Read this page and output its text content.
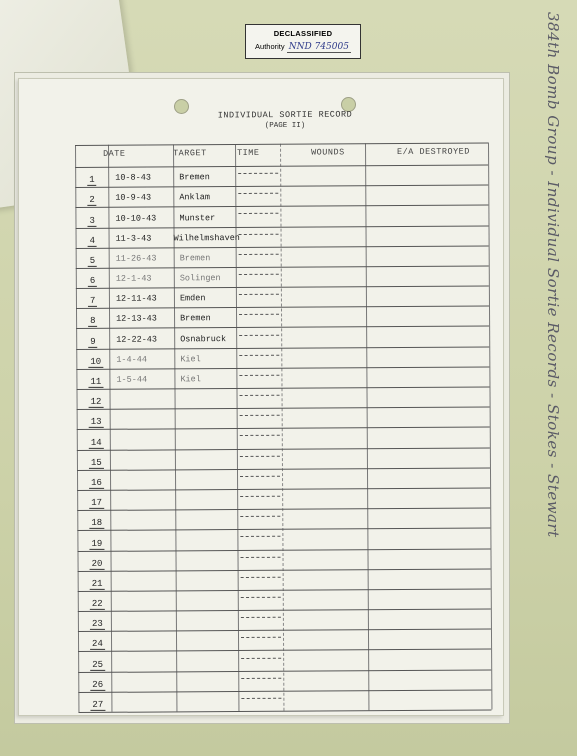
DECLASSIFIED
Authority NND 745005	384th Bomb Group - Individual Sortie Records - Stokes - Stewart
INDIVIDUAL SORTIE RECORD
(PAGE II)
DATE	TARGET	TIME	WOUNDS	E/A DESTROYED
1 10-8-43	Bremen
2 10-9-43	Anklam
3 10-10-43	Munster
4 11-3-43	Wilhelmshaven
5 11-26-43	Bremen
6 12-1-43	Solingen
7 12-11-43	Emden
8 12-13-43	Bremen
9 12-22-43	Osnabruck
10 1-4-44	Kiel
11 1-5-44	Kiel
12
13
14
15
16
17
18
19
20
21
22
23
24
25
26
27
